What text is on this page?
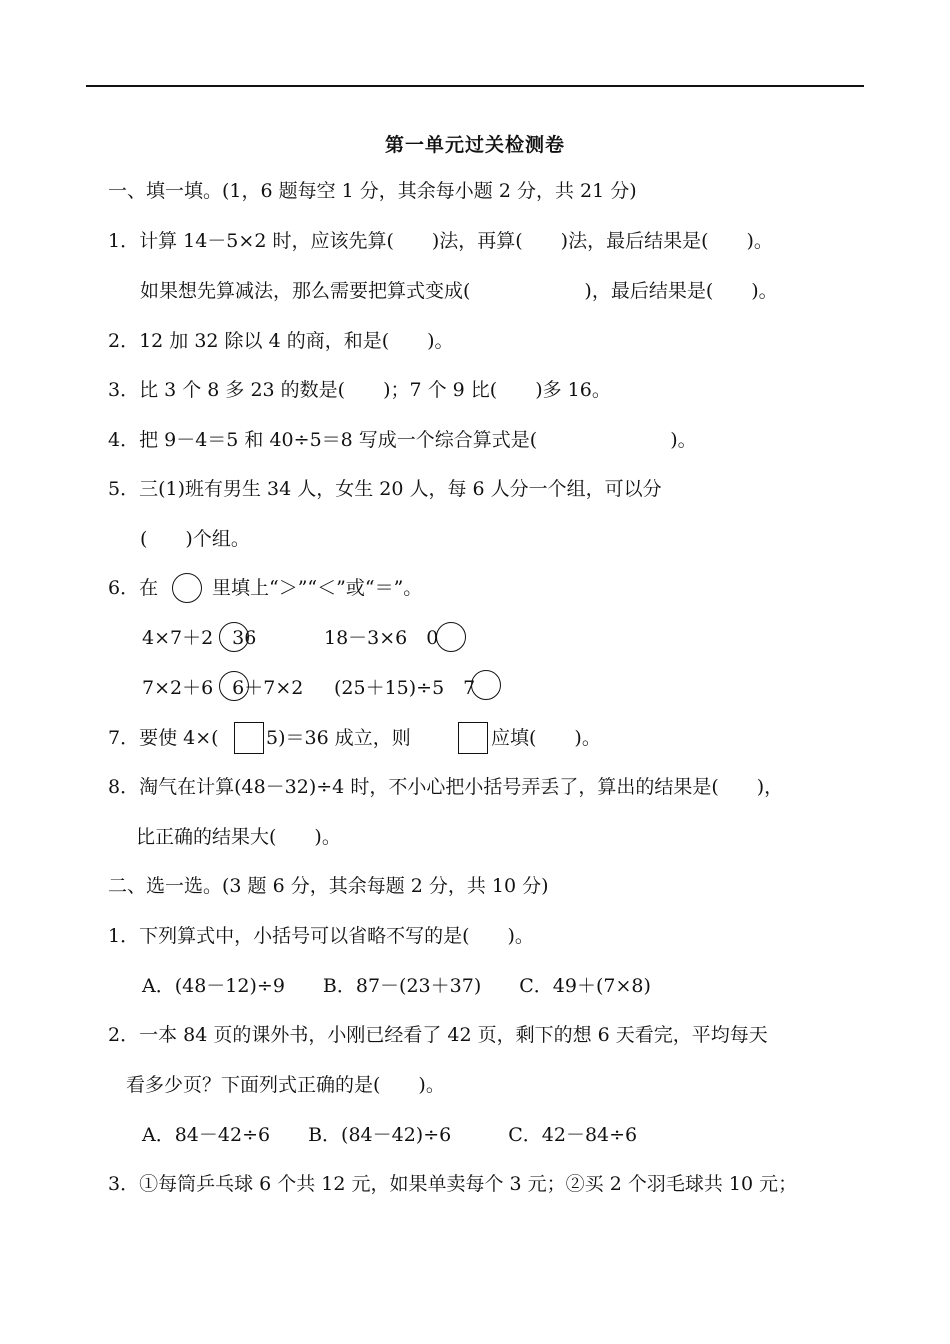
第一单元过关检测卷
一、填一填。(1，6 题每空 1 分，其余每小题 2 分，共 21 分)
1．计算 14－5×2 时，应该先算(　　)法，再算(　　)法，最后结果是(　　)。
如果想先算减法，那么需要把算式变成(　　　　　　)，最后结果是(　　)。
2．12 加 32 除以 4 的商，和是(　　)。
3．比 3 个 8 多 23 的数是(　　)；7 个 9 比(　　)多 16。
4．把 9－4＝5 和 40÷5＝8 写成一个综合算式是(　　　　　　　)。
5．三(1)班有男生 34 人，女生 20 人，每 6 人分一个组，可以分
(　　)个组。
6．在	里填上“＞”“＜”或“＝”。
4×7＋2　36	18－3×6　0
7×2＋6　6＋7×2 (25＋15)÷5　7
7．要使 4×( 5)＝36 成立，则	应填(　　)。
8．淘气在计算(48－32)÷4 时，不小心把小括号弄丢了，算出的结果是(　　)，
比正确的结果大(　　)。
二、选一选。(3 题 6 分，其余每题 2 分，共 10 分)
1．下列算式中，小括号可以省略不写的是(　　)。
A．(48－12)÷9　　B．87－(23＋37)　　C．49＋(7×8)
2．一本 84 页的课外书，小刚已经看了 42 页，剩下的想 6 天看完，平均每天
看多少页？下面列式正确的是(　　)。
A．84－42÷6　　B．(84－42)÷6　　　C．42－84÷6
3．①每筒乒乓球 6 个共 12 元，如果单卖每个 3 元；②买 2 个羽毛球共 10 元；
